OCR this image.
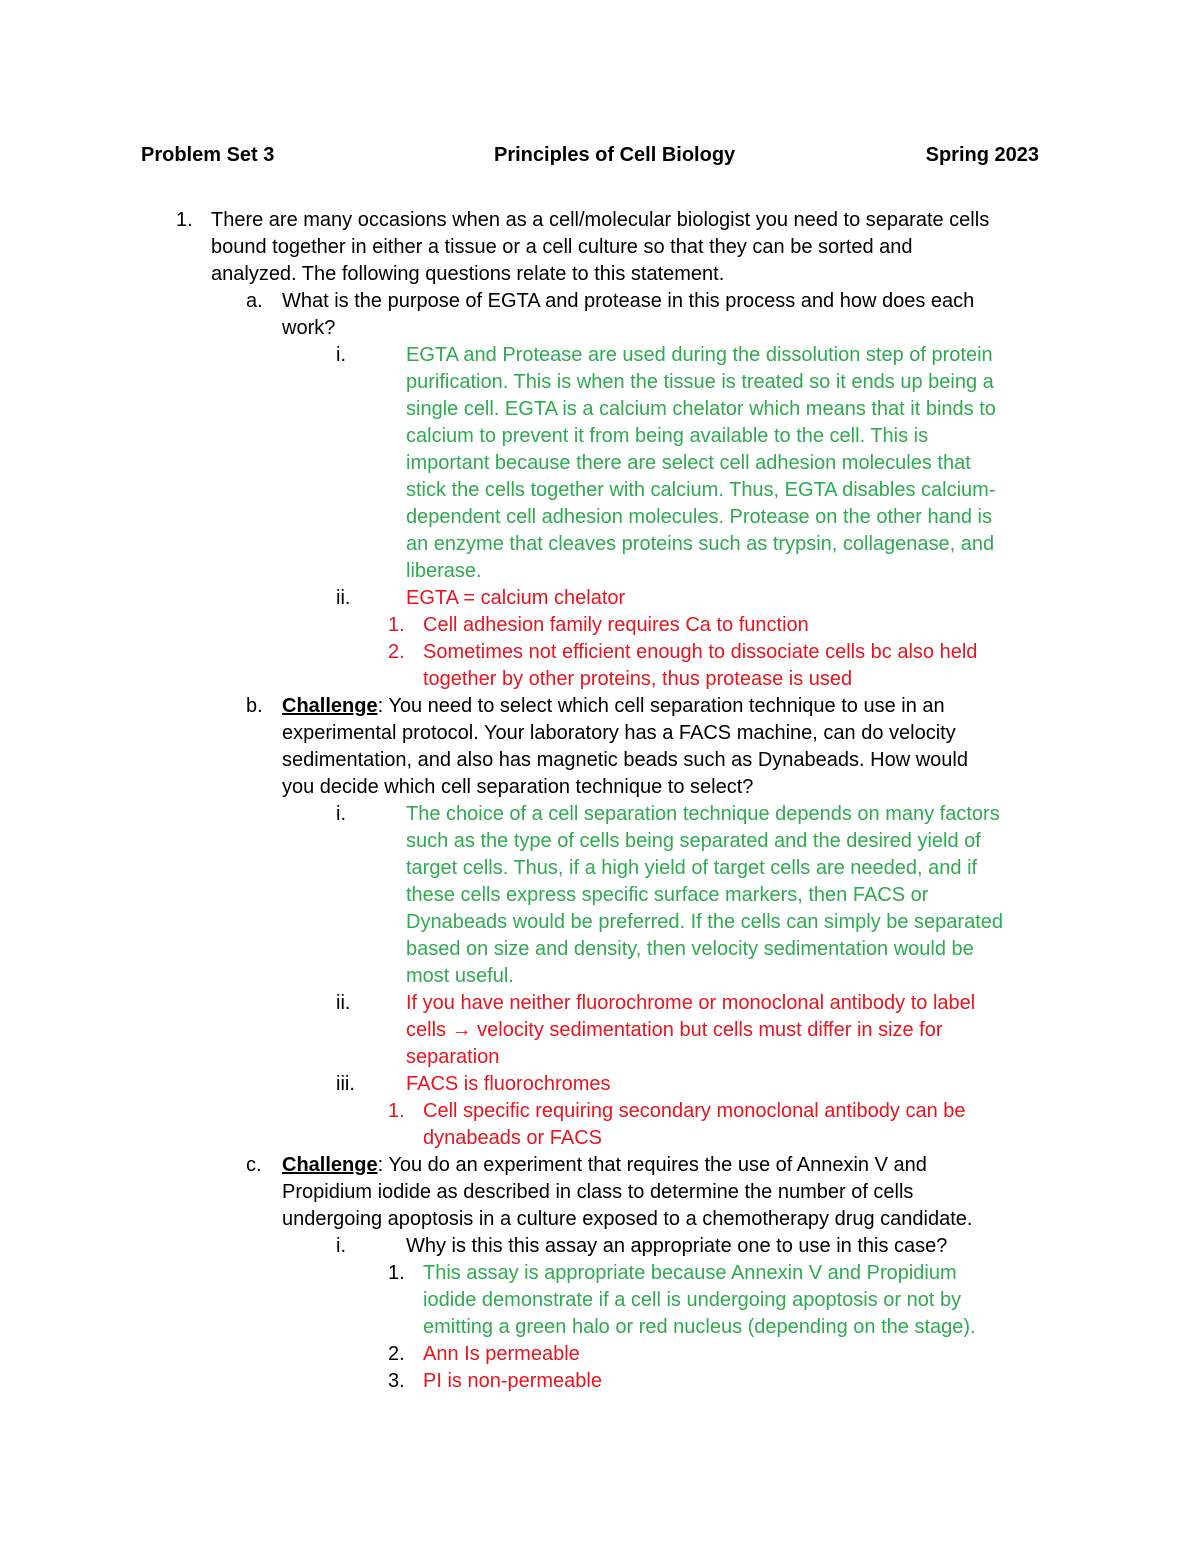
Problem Set 3	Principles of Cell Biology	Spring 2023
1. There are many occasions when as a cell/molecular biologist you need to separate cells
bound together in either a tissue or a cell culture so that they can be sorted and
analyzed. The following questions relate to this statement.
a. What is the purpose of EGTA and protease in this process and how does each
work?
i.	EGTA and Protease are used during the dissolution step of protein
purification. This is when the tissue is treated so it ends up being a
single cell. EGTA is a calcium chelator which means that it binds to
calcium to prevent it from being available to the cell. This is
important because there are select cell adhesion molecules that
stick the cells together with calcium. Thus, EGTA disables calcium-
dependent cell adhesion molecules. Protease on the other hand is
an enzyme that cleaves proteins such as trypsin, collagenase, and
liberase.
ii.	EGTA = calcium chelator
1. Cell adhesion family requires Ca to function
2. Sometimes not efficient enough to dissociate cells bc also held
together by other proteins, thus protease is used
b. Challenge: You need to select which cell separation technique to use in an
experimental protocol. Your laboratory has a FACS machine, can do velocity
sedimentation, and also has magnetic beads such as Dynabeads. How would
you decide which cell separation technique to select?
i.	The choice of a cell separation technique depends on many factors
such as the type of cells being separated and the desired yield of
target cells. Thus, if a high yield of target cells are needed, and if
these cells express specific surface markers, then FACS or
Dynabeads would be preferred. If the cells can simply be separated
based on size and density, then velocity sedimentation would be
most useful.
ii.	If you have neither fluorochrome or monoclonal antibody to label
cells → velocity sedimentation but cells must differ in size for
separation
iii.	FACS is fluorochromes
1. Cell specific requiring secondary monoclonal antibody can be
dynabeads or FACS
c. Challenge: You do an experiment that requires the use of Annexin V and
Propidium iodide as described in class to determine the number of cells
undergoing apoptosis in a culture exposed to a chemotherapy drug candidate.
i.	Why is this this assay an appropriate one to use in this case?
1. This assay is appropriate because Annexin V and Propidium
iodide demonstrate if a cell is undergoing apoptosis or not by
emitting a green halo or red nucleus (depending on the stage).
2. Ann Is permeable
3. PI is non-permeable
